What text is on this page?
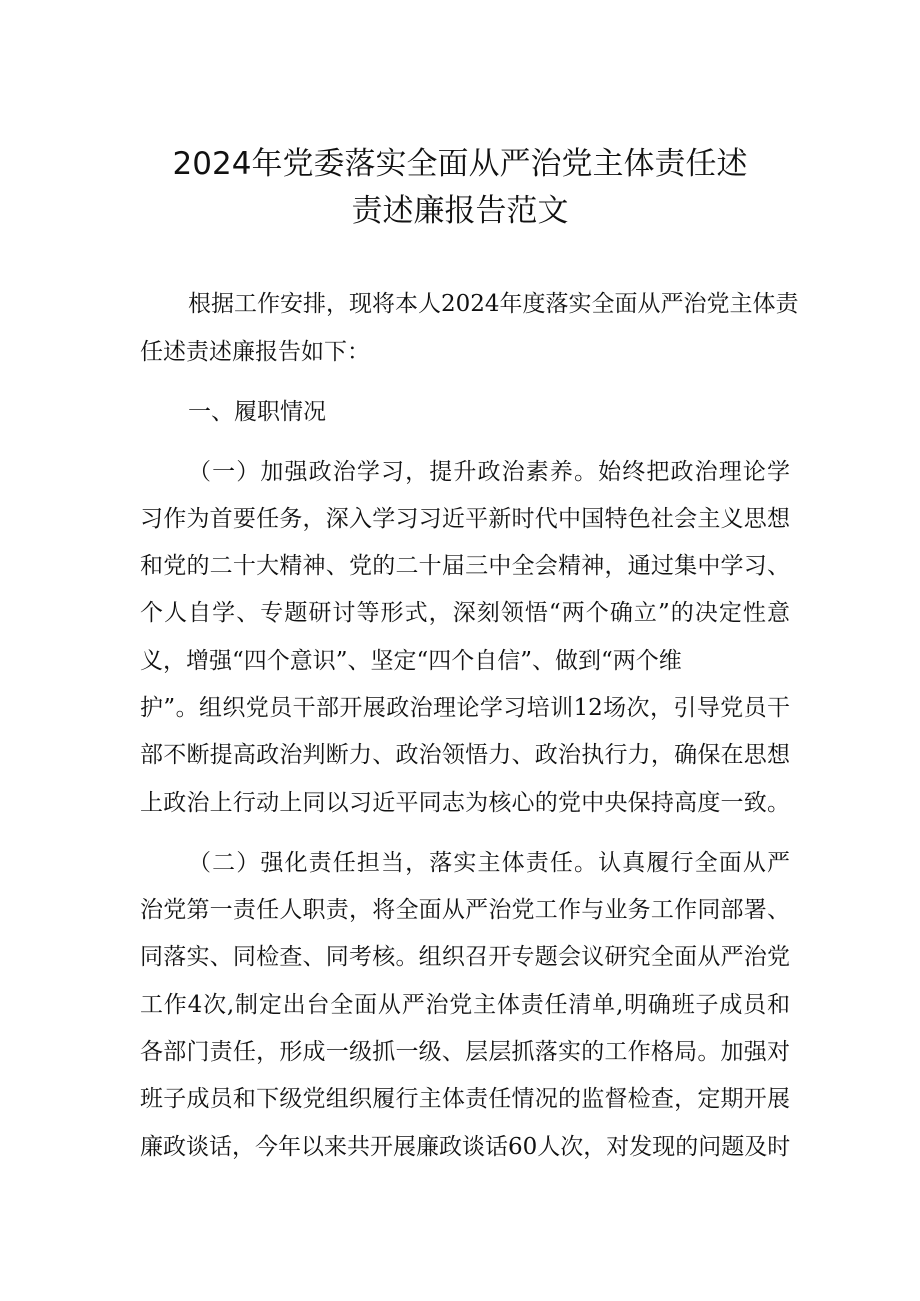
2024年党委落实全面从严治党主体责任述
责述廉报告范文
根据工作安排，现将本人2024年度落实全面从严治党主体责
任述责述廉报告如下：
一、履职情况
（一）加强政治学习，提升政治素养。始终把政治理论学
习作为首要任务，深入学习习近平新时代中国特色社会主义思想
和党的二十大精神、党的二十届三中全会精神，通过集中学习、
个人自学、专题研讨等形式，深刻领悟“两个确立”的决定性意
义，增强“四个意识”、坚定“四个自信”、做到“两个维
护”。组织党员干部开展政治理论学习培训12场次，引导党员干
部不断提高政治判断力、政治领悟力、政治执行力，确保在思想
上政治上行动上同以习近平同志为核心的党中央保持高度一致。
（二）强化责任担当，落实主体责任。认真履行全面从严
治党第一责任人职责，将全面从严治党工作与业务工作同部署、
同落实、同检查、同考核。组织召开专题会议研究全面从严治党
工作4次,制定出台全面从严治党主体责任清单,明确班子成员和
各部门责任，形成一级抓一级、层层抓落实的工作格局。加强对
班子成员和下级党组织履行主体责任情况的监督检查，定期开展
廉政谈话，今年以来共开展廉政谈话60人次，对发现的问题及时
